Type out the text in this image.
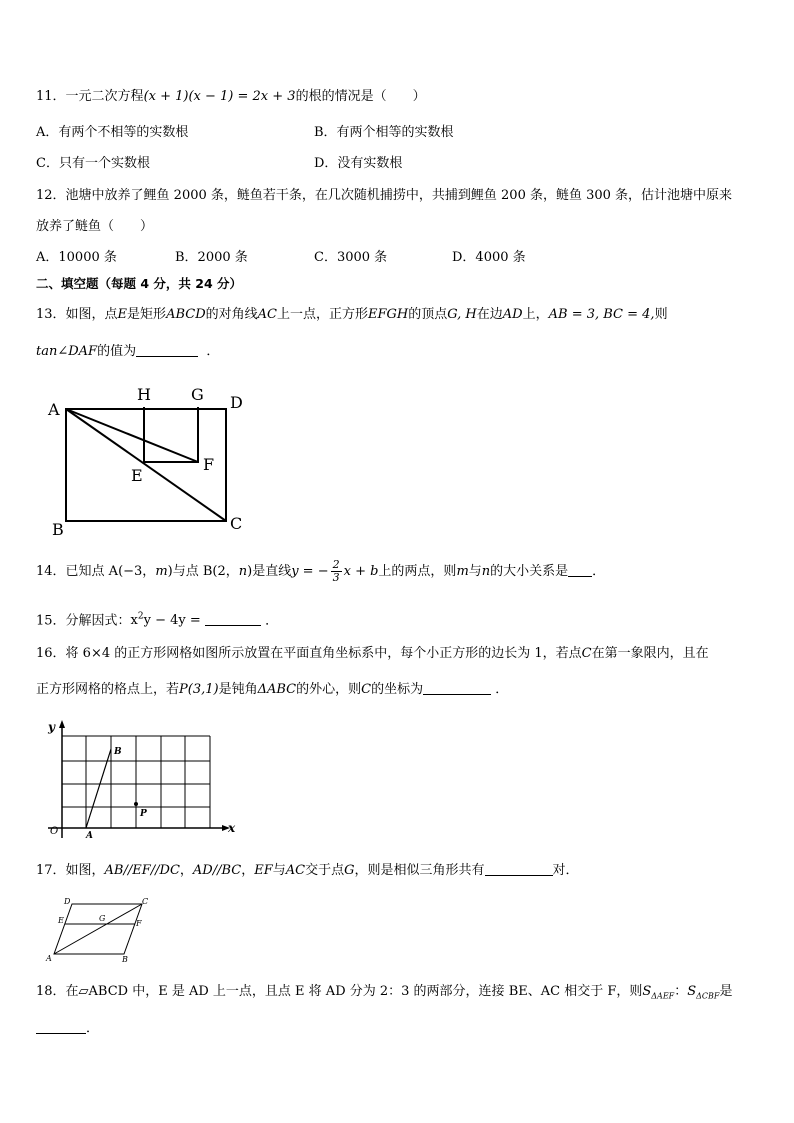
11．一元二次方程(x + 1)(x − 1) = 2x + 3的根的情况是（　　）
A．有两个不相等的实数根	B．有两个相等的实数根
C．只有一个实数根	D．没有实数根
12．池塘中放养了鲤鱼 2000 条，鲢鱼若干条，在几次随机捕捞中，共捕到鲤鱼 200 条，鲢鱼 300 条，估计池塘中原来
放养了鲢鱼（　　）
A．10000 条	B．2000 条	C．3000 条	D．4000 条
二、填空题（每题 4 分，共 24 分）
13．如图，点E是矩形ABCD的对角线AC上一点，正方形EFGH的顶点G, H在边AD上，AB = 3, BC = 4,则
tan∠DAF的值为	．
A
B	C
D
E
F
G
H
14．已知点 A(−3，m)与点 B(2，n)是直线y = − $\frac{2}{3}$ x + b上的两点，则m与n的大小关系是 ．
15．分解因式：$x^2y - 4y$ =	．
16．将 6×4 的正方形网格如图所示放置在平面直角坐标系中，每个小正方形的边长为 1，若点C在第一象限内，且在
正方形网格的格点上，若P(3,1)是钝角ΔABC的外心，则C的坐标为	．
y
x
O	A
B
P
17．如图，AB//EF//DC，AD//BC，EF与AC交于点G，则是相似三角形共有	对．
A	B
C
D
E	F
G
18．在▱ABCD 中，E 是 AD 上一点，且点 E 将 AD 分为 2：3 的两部分，连接 BE、AC 相交于 F，则$S_{\Delta AEF}$：$S_{\Delta CBF}$是
．
